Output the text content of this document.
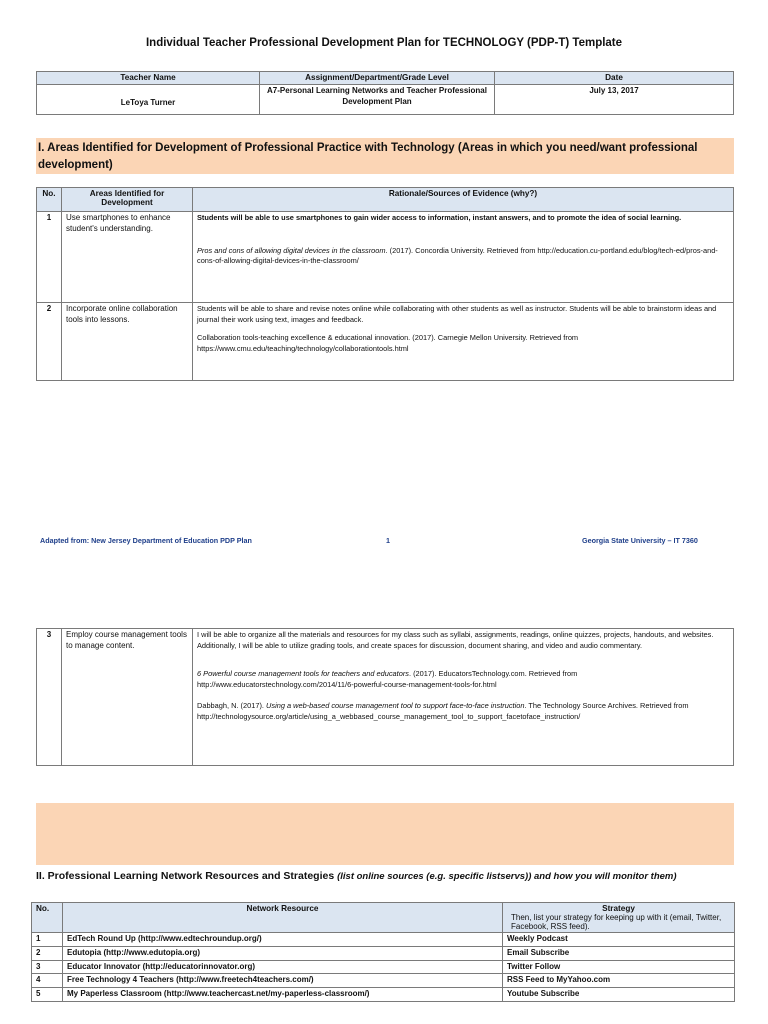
Individual Teacher Professional Development Plan for TECHNOLOGY (PDP-T) Template
Teacher Name	Assignment/Department/Grade Level	Date
LeToya Turner	A7-Personal Learning Networks and Teacher Professional Development Plan	July 13, 2017
I. Areas Identified for Development of Professional Practice with Technology (Areas in which you need/want professional development)
No.	Areas Identified for Development	Rationale/Sources of Evidence (why?)
1	Use smartphones to enhance student's understanding.	Students will be able to use smartphones to gain wider access to information, instant answers, and to promote the idea of social learning.
Pros and cons of allowing digital devices in the classroom. (2017). Concordia University. Retrieved from http://education.cu-portland.edu/blog/tech-ed/pros-and-cons-of-allowing-digital-devices-in-the-classroom/

2	Incorporate online collaboration tools into lessons.	Students will be able to share and revise notes online while collaborating with other students as well as instructor. Students will be able to brainstorm ideas and journal their work using text, images and feedback.
Collaboration tools-teaching excellence & educational innovation. (2017). Carnegie Mellon University. Retrieved from https://www.cmu.edu/teaching/technology/collaborationtools.html
Adapted from: New Jersey Department of Education PDP Plan	1	Georgia State University – IT 7360
3	Employ course management tools to manage content.	
I will be able to organize all the materials and resources for my class such as syllabi, assignments, readings, online quizzes, projects, handouts, and websites.
Additionally, I will be able to utilize grading tools, and create spaces for discussion, document sharing, and video and audio commentary.
6 Powerful course management tools for teachers and educators. (2017). EducatorsTechnology.com. Retrieved from http://www.educatorstechnology.com/2014/11/6-powerful-course-management-tools-for.html
Dabbagh, N. (2017). Using a web-based course management tool to support face-to-face instruction. The Technology Source Archives. Retrieved from http://technologysource.org/article/using_a_webbased_course_management_tool_to_support_facetoface_instruction/
II. Professional Learning Network Resources and Strategies (list online sources (e.g. specific listservs)) and how you will monitor them)
No.	Network Resource	Strategy
Then, list your strategy for keeping up with it (email, Twitter, Facebook, RSS feed).

1	EdTech Round Up (http://www.edtechroundup.org/)	Weekly Podcast
2	Edutopia (http://www.edutopia.org)	Email Subscribe
3	Educator Innovator (http://educatorinnovator.org)	Twitter Follow
4	Free Technology 4 Teachers (http://www.freetech4teachers.com/)	RSS Feed to MyYahoo.com
5	My Paperless Classroom (http://www.teachercast.net/my-paperless-classroom/)	Youtube Subscribe
